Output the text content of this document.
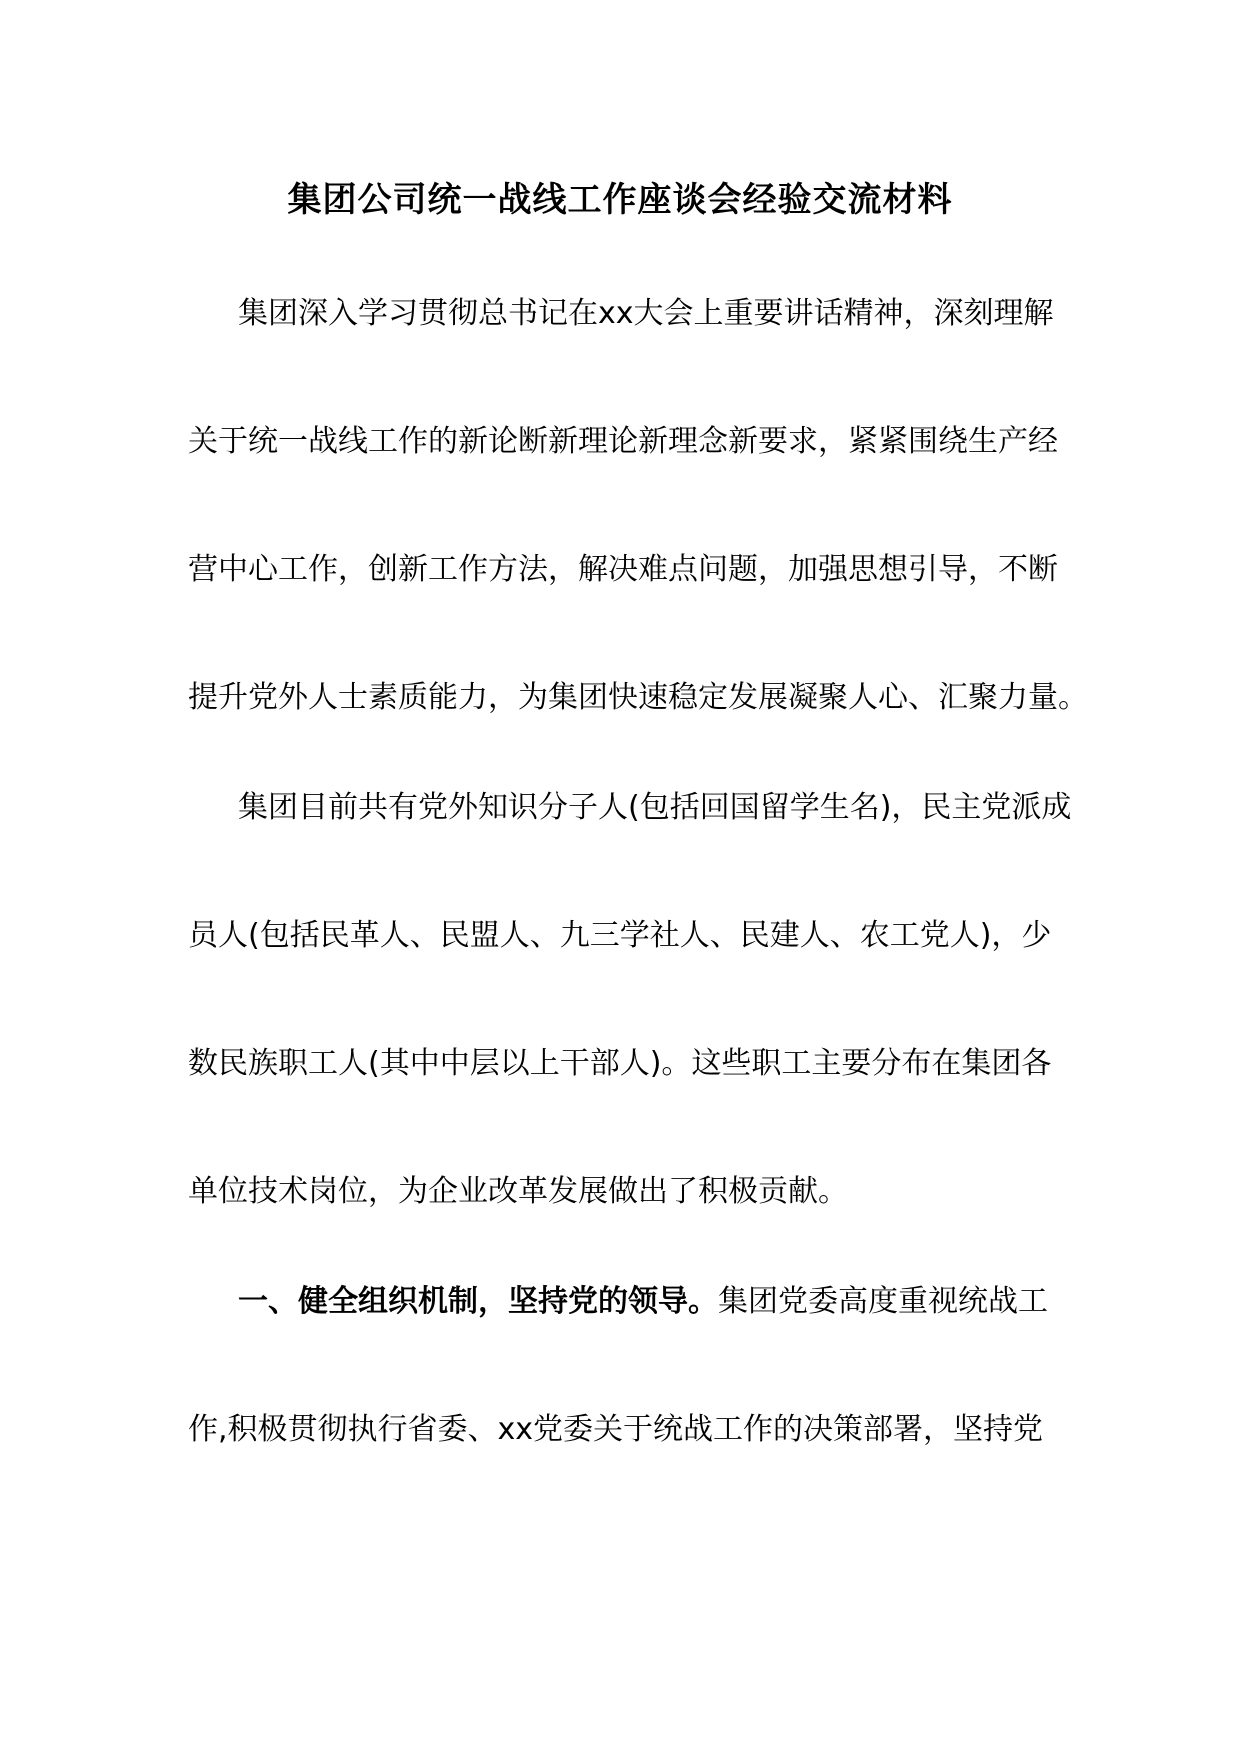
集团公司统一战线工作座谈会经验交流材料
集团深入学习贯彻总书记在xx大会上重要讲话精神，深刻理解
关于统一战线工作的新论断新理论新理念新要求，紧紧围绕生产经
营中心工作，创新工作方法，解决难点问题，加强思想引导，不断
提升党外人士素质能力，为集团快速稳定发展凝聚人心、汇聚力量。
集团目前共有党外知识分子人(包括回国留学生名)，民主党派成
员人(包括民革人、民盟人、九三学社人、民建人、农工党人)，少
数民族职工人(其中中层以上干部人)。这些职工主要分布在集团各
单位技术岗位，为企业改革发展做出了积极贡献。
一、健全组织机制，坚持党的领导。集团党委高度重视统战工
作,积极贯彻执行省委、xx党委关于统战工作的决策部署，坚持党
